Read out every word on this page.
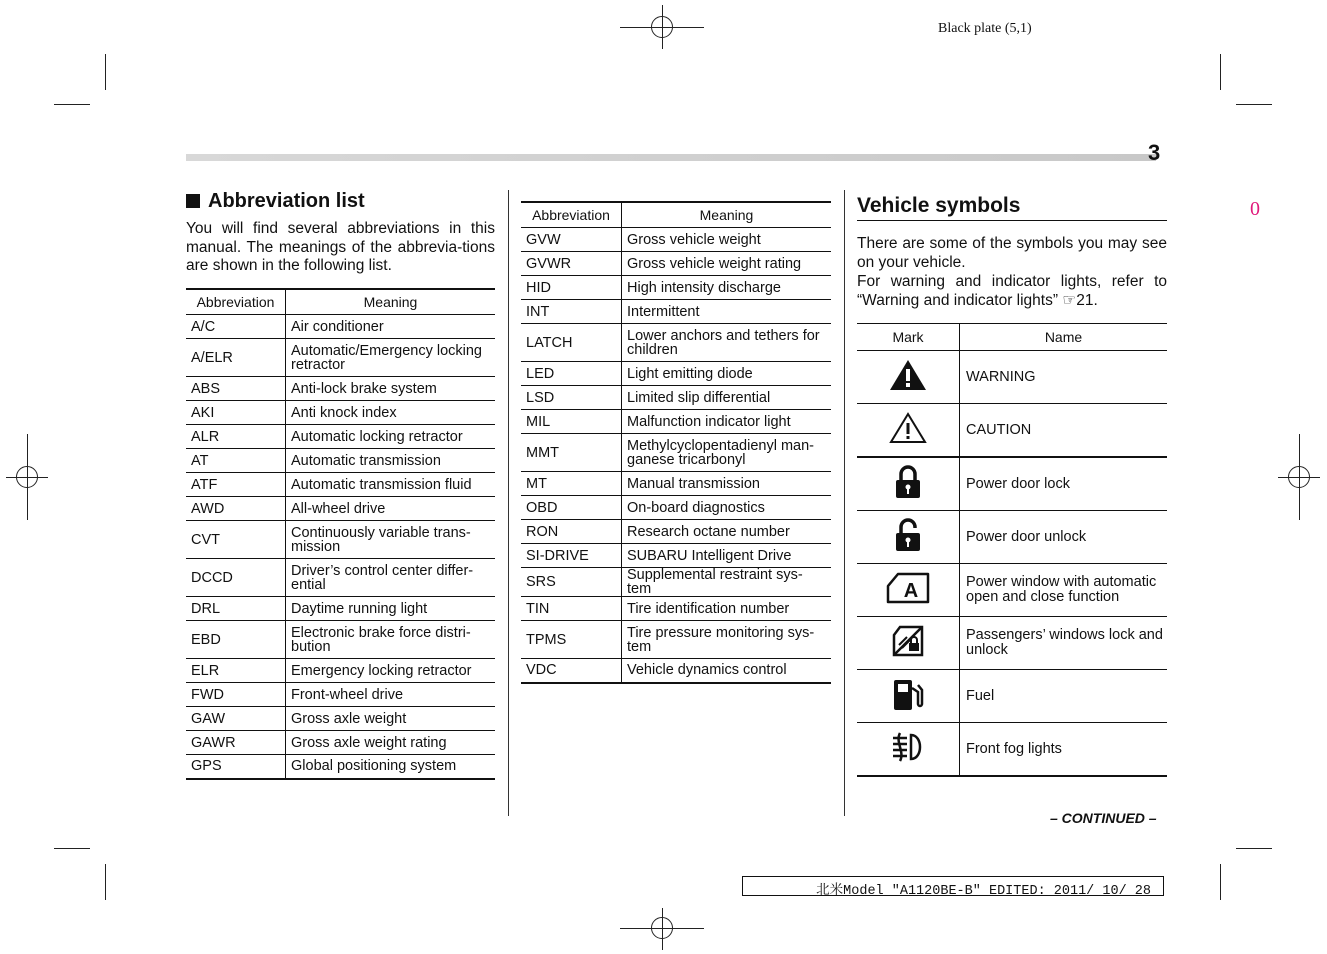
Black plate (5,1)
3
0
Abbreviation list
You will find several abbreviations in this manual. The meanings of the abbrevia-tions are shown in the following list.
Abbreviation	Meaning
A/C	Air conditioner
A/ELR	Automatic/Emergency locking retractor
ABS	Anti-lock brake system
AKI	Anti knock index
ALR	Automatic locking retractor
AT	Automatic transmission
ATF	Automatic transmission fluid
AWD	All-wheel drive
CVT	Continuously variable trans-mission
DCCD	Driver’s control center differ-ential
DRL	Daytime running light
EBD	Electronic brake force distri-bution
ELR	Emergency locking retractor
FWD	Front-wheel drive
GAW	Gross axle weight
GAWR	Gross axle weight rating
GPS	Global positioning system
Abbreviation	Meaning
GVW	Gross vehicle weight
GVWR	Gross vehicle weight rating
HID	High intensity discharge
INT	Intermittent
LATCH	Lower anchors and tethers for children
LED	Light emitting diode
LSD	Limited slip differential
MIL	Malfunction indicator light
MMT	Methylcyclopentadienyl man-ganese tricarbonyl
MT	Manual transmission
OBD	On-board diagnostics
RON	Research octane number
SI-DRIVE	SUBARU Intelligent Drive
SRS	Supplemental restraint sys-tem
TIN	Tire identification number
TPMS	Tire pressure monitoring sys-tem
VDC	Vehicle dynamics control
Vehicle symbols

There are some of the symbols you may see on your vehicle.

For warning and indicator lights, refer to “Warning and indicator lights” ☞21.

Mark	Name
	WARNING
	CAUTION
	Power door lock
	Power door unlock

A	Power window with automatic open and close function
	Passengers’ windows lock and unlock
	Fuel
	Front fog lights
– CONTINUED –
北米Model "A1120BE-B" EDITED: 2011/ 10/ 28
